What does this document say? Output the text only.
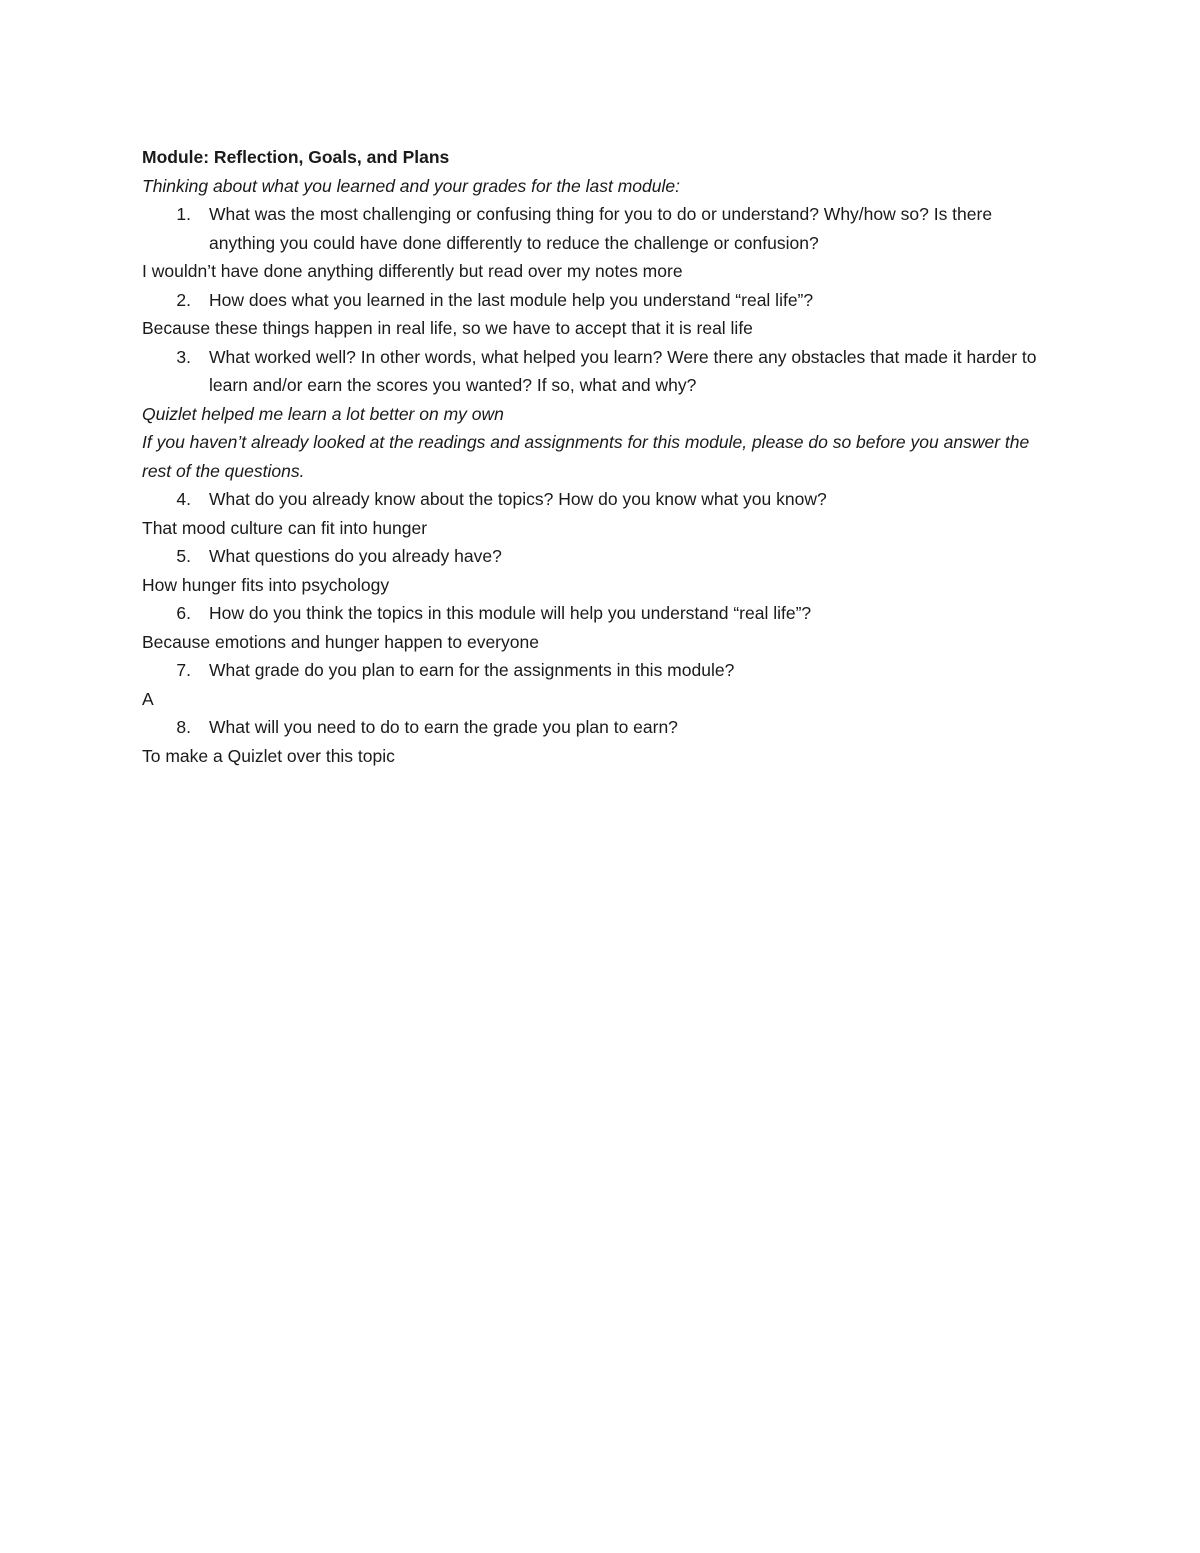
Module: Reflection, Goals, and Plans

Thinking about what you learned and your grades for the last module:

1.	What was the most challenging or confusing thing for you to do or understand? Why/how so? Is there anything you could have done differently to reduce the challenge or confusion?

I wouldn’t have done anything differently but read over my notes more

2.	How does what you learned in the last module help you understand “real life”?

Because these things happen in real life, so we have to accept that it is real life

3.	What worked well? In other words, what helped you learn? Were there any obstacles that made it harder to learn and/or earn the scores you wanted? If so, what and why?

Quizlet helped me learn a lot better on my own

If you haven’t already looked at the readings and assignments for this module, please do so before you answer the rest of the questions.

4.	What do you already know about the topics? How do you know what you know?

That mood culture can fit into hunger

5.	What questions do you already have?

How hunger fits into psychology

6.	How do you think the topics in this module will help you understand “real life”?

Because emotions and hunger happen to everyone

7.	What grade do you plan to earn for the assignments in this module?

A

8.	What will you need to do to earn the grade you plan to earn?

To make a Quizlet over this topic
